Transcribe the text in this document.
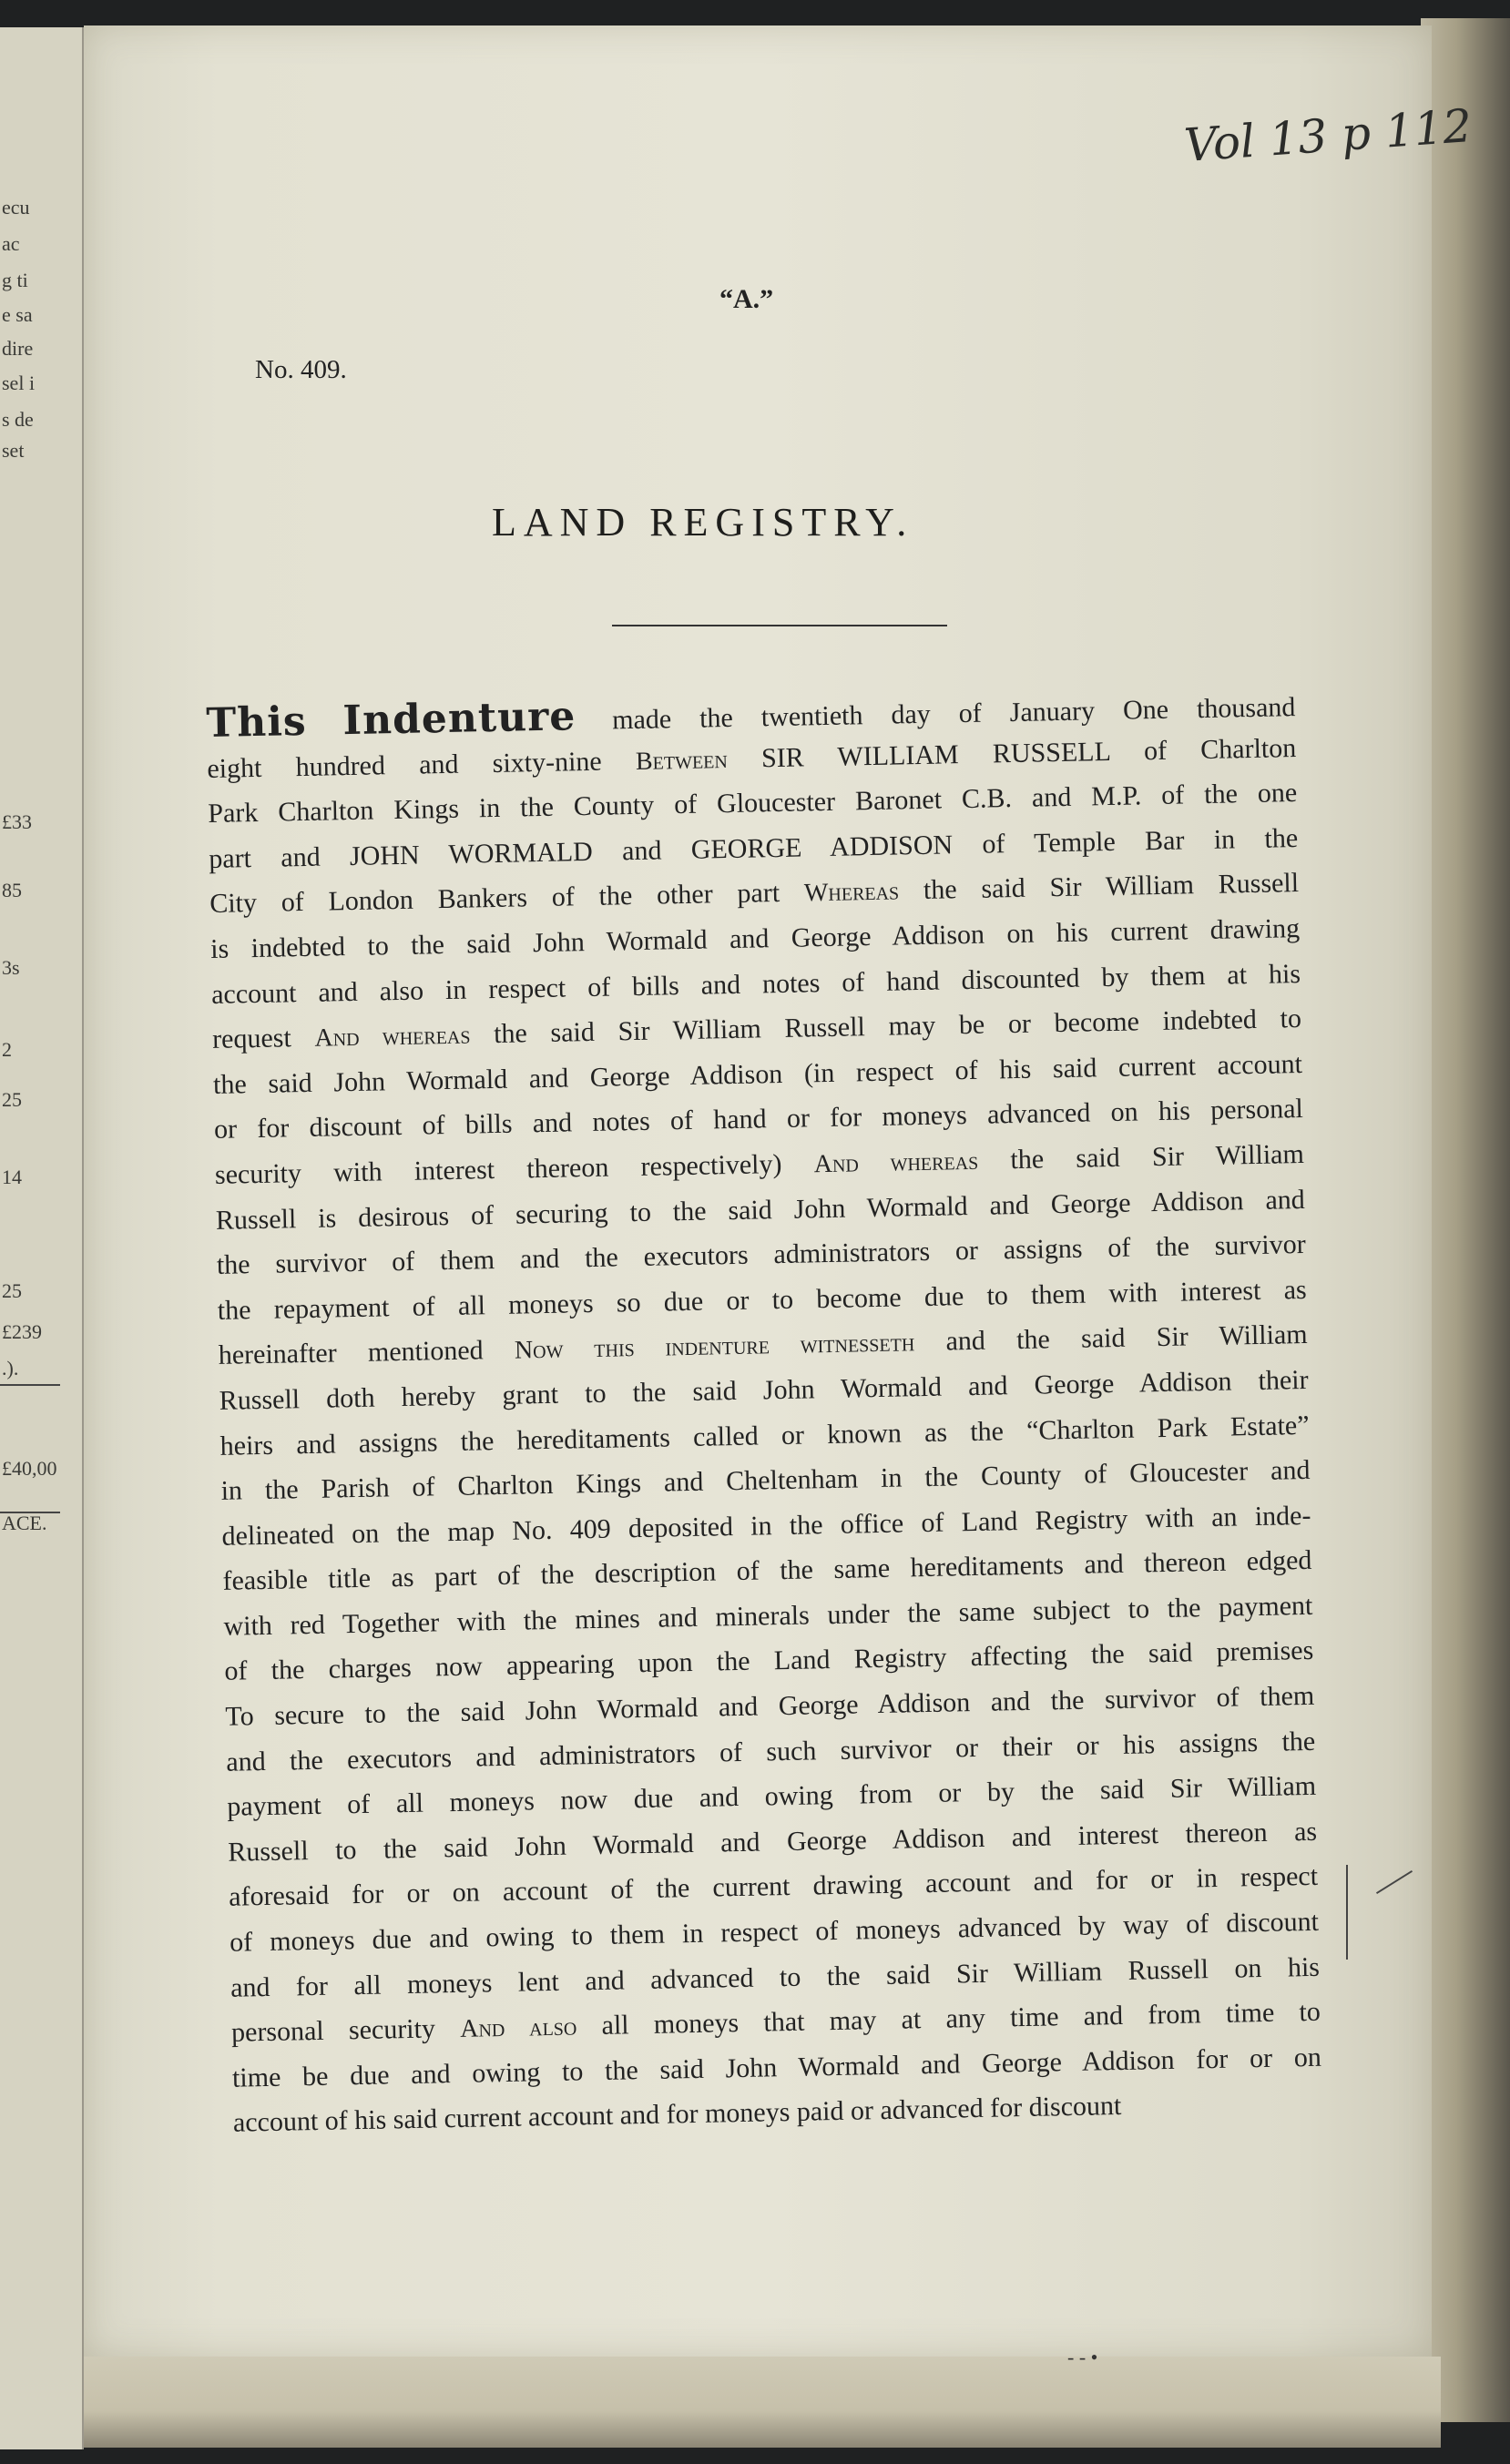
ecu
ac
g ti
e sa
dire
sel i
s de
set
£33
85
3s
2
25
14
25
£239
.).
£40,00
ACE.
Vol 13 p 112
“A.”
No. 409.
LAND REGISTRY.
This Indenture made the twentieth day of January One thousand
eight hundred and sixty-nine Between SIR WILLIAM RUSSELL of Charlton
Park Charlton Kings in the County of Gloucester Baronet C.B. and M.P. of the one
part and JOHN WORMALD and GEORGE ADDISON of Temple Bar in the
City of London Bankers of the other part Whereas the said Sir William Russell
is indebted to the said John Wormald and George Addison on his current drawing
account and also in respect of bills and notes of hand discounted by them at his
request And whereas the said Sir William Russell may be or become indebted to
the said John Wormald and George Addison (in respect of his said current account
or for discount of bills and notes of hand or for moneys advanced on his personal
security with interest thereon respectively) And whereas the said Sir William
Russell is desirous of securing to the said John Wormald and George Addison and
the survivor of them and the executors administrators or assigns of the survivor
the repayment of all moneys so due or to become due to them with interest as
hereinafter mentioned Now this indenture witnesseth and the said Sir William
Russell doth hereby grant to the said John Wormald and George Addison their
heirs and assigns the hereditaments called or known as the “Charlton Park Estate”
in the Parish of Charlton Kings and Cheltenham in the County of Gloucester and
delineated on the map No. 409 deposited in the office of Land Registry with an inde-
feasible title as part of the description of the same hereditaments and thereon edged
with red Together with the mines and minerals under the same subject to the payment
of the charges now appearing upon the Land Registry affecting the said premises
To secure to the said John Wormald and George Addison and the survivor of them
and the executors and administrators of such survivor or their or his assigns the
payment of all moneys now due and owing from or by the said Sir William
Russell to the said John Wormald and George Addison and interest thereon as
aforesaid for or on account of the current drawing account and for or in respect
of moneys due and owing to them in respect of moneys advanced by way of discount
and for all moneys lent and advanced to the said Sir William Russell on his
personal security And also all moneys that may at any time and from time to
time be due and owing to the said John Wormald and George Addison for or on
account of his said current account and for moneys paid or advanced for discount
- - •
